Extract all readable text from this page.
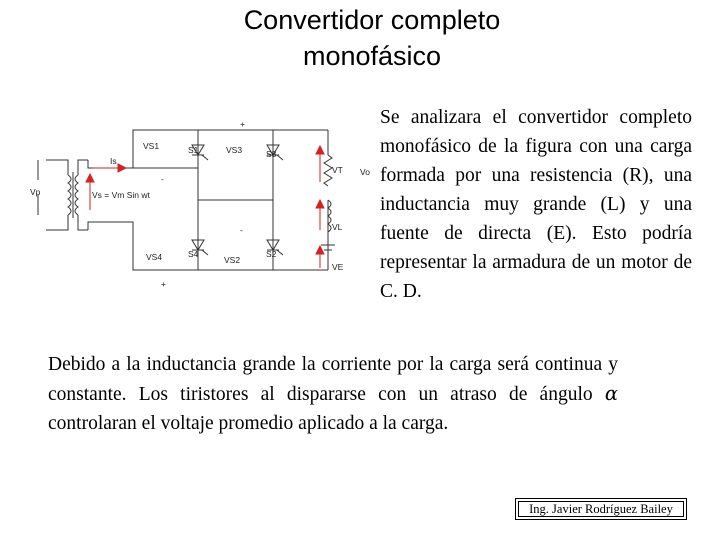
Convertidor completo
monofásico
Vp
Is
Vs = Vm Sin wt
VS1	S1	VS3	S3
VS4	S4
VS2
S2
VT Vo
VL
VE
+
-
+
-
Se analizara el convertidor completo monofásico de la figura con una carga formada por una resistencia (R), una inductancia muy grande (L) y una fuente de directa (E). Esto podría representar la armadura de un motor de C. D.
Debido a la inductancia grande la corriente por la carga será continua y constante. Los tiristores al dispararse con un atraso de ángulo α controlaran el voltaje promedio aplicado a la carga.
Ing. Javier Rodríguez Bailey
